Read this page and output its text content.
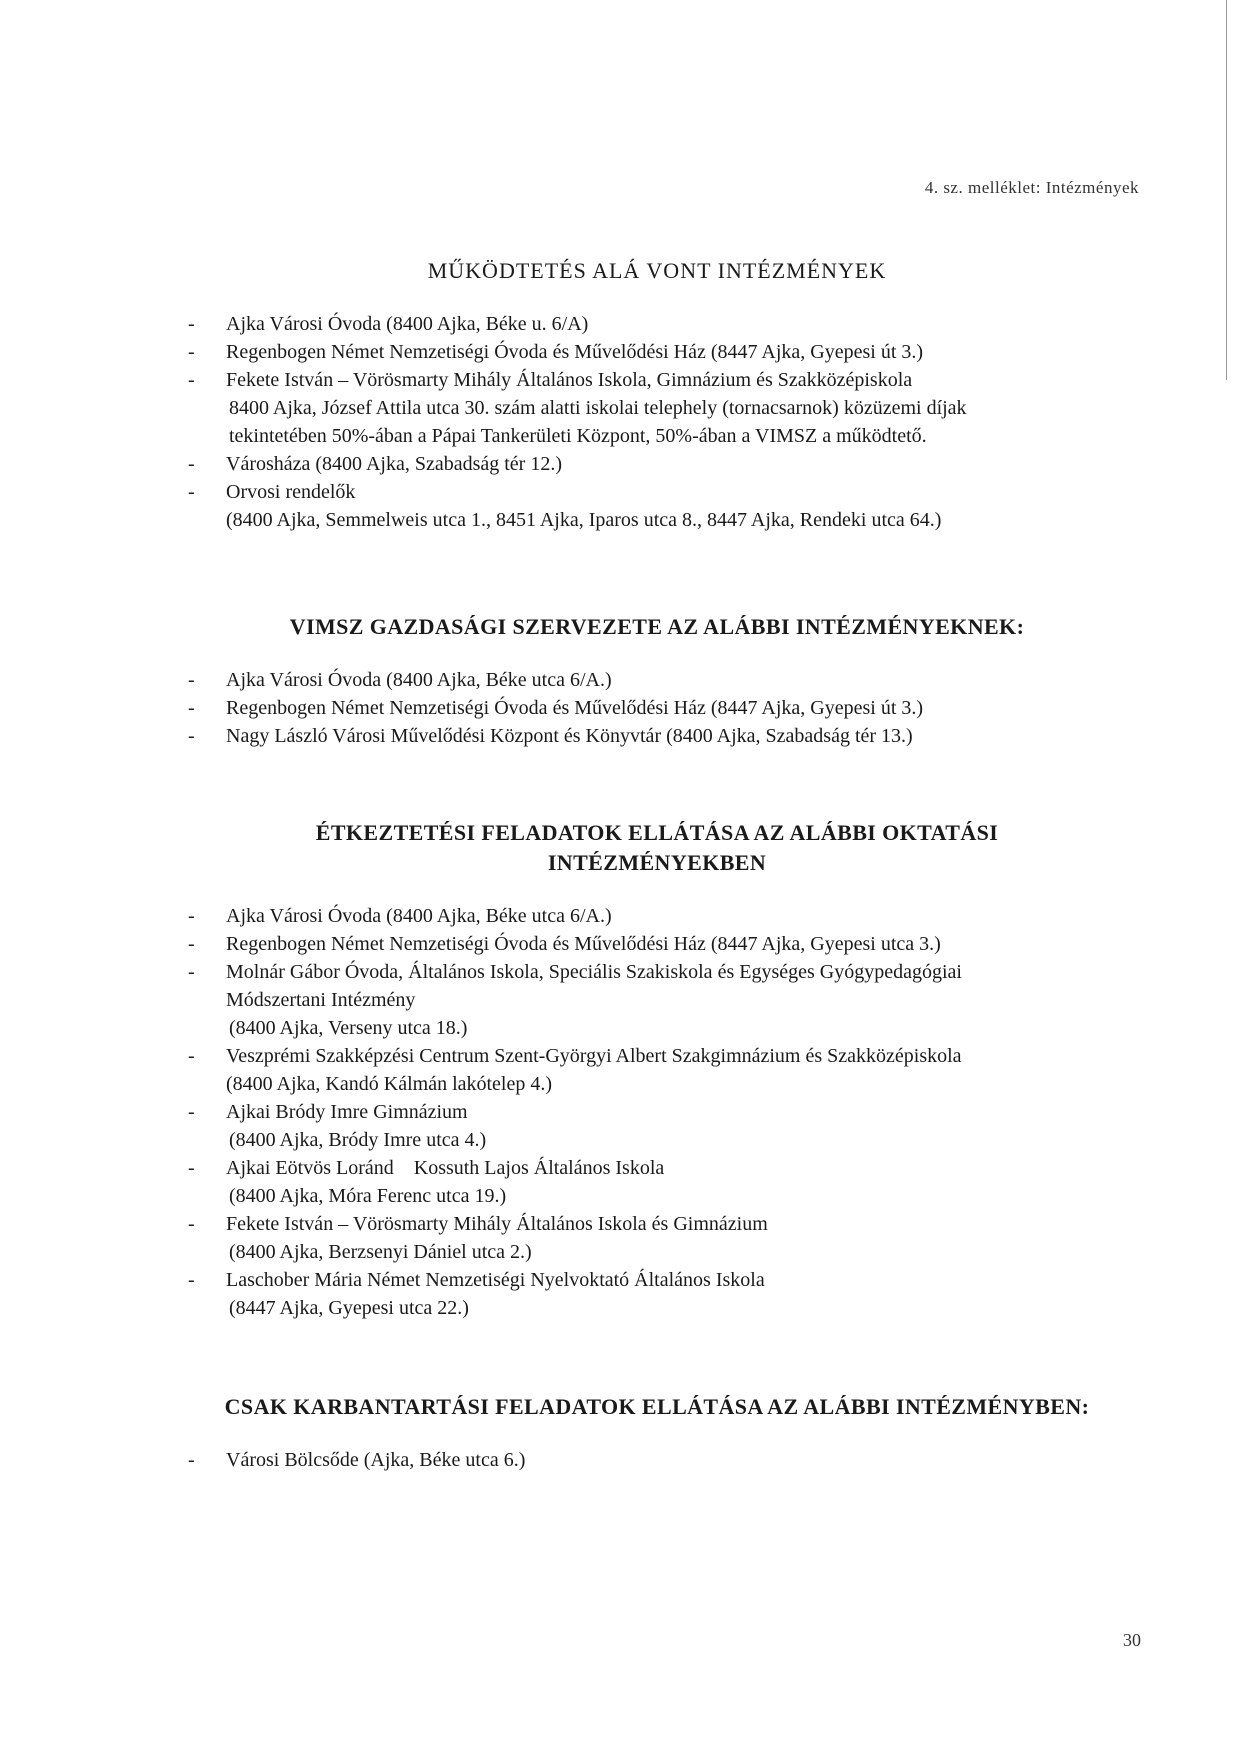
4. sz. melléklet: Intézmények
MŰKÖDTETÉS ALÁ VONT INTÉZMÉNYEK
- Ajka Városi Óvoda (8400 Ajka, Béke u. 6/A)
- Regenbogen Német Nemzetiségi Óvoda és Művelődési Ház (8447 Ajka, Gyepesi út 3.)
- Fekete István – Vörösmarty Mihály Általános Iskola, Gimnázium és Szakközépiskola
8400 Ajka, József Attila utca 30. szám alatti iskolai telephely (tornacsarnok) közüzemi díjak
tekintetében 50%-ában a Pápai Tankerületi Központ, 50%-ában a VIMSZ a működtető.
- Városháza (8400 Ajka, Szabadság tér 12.)
- Orvosi rendelők
(8400 Ajka, Semmelweis utca 1., 8451 Ajka, Iparos utca 8., 8447 Ajka, Rendeki utca 64.)
VIMSZ GAZDASÁGI SZERVEZETE AZ ALÁBBI INTÉZMÉNYEKNEK:
- Ajka Városi Óvoda (8400 Ajka, Béke utca 6/A.)
- Regenbogen Német Nemzetiségi Óvoda és Művelődési Ház (8447 Ajka, Gyepesi út 3.)
- Nagy László Városi Művelődési Központ és Könyvtár (8400 Ajka, Szabadság tér 13.)
ÉTKEZTETÉSI FELADATOK ELLÁTÁSA AZ ALÁBBI OKTATÁSI
INTÉZMÉNYEKBEN
- Ajka Városi Óvoda (8400 Ajka, Béke utca 6/A.)
- Regenbogen Német Nemzetiségi Óvoda és Művelődési Ház (8447 Ajka, Gyepesi utca 3.)
- Molnár Gábor Óvoda, Általános Iskola, Speciális Szakiskola és Egységes Gyógypedagógiai
Módszertani Intézmény
(8400 Ajka, Verseny utca 18.)
- Veszprémi Szakképzési Centrum Szent-Györgyi Albert Szakgimnázium és Szakközépiskola
(8400 Ajka, Kandó Kálmán lakótelep 4.)
- Ajkai Bródy Imre Gimnázium
(8400 Ajka, Bródy Imre utca 4.)
- Ajkai Eötvös Loránd    Kossuth Lajos Általános Iskola
(8400 Ajka, Móra Ferenc utca 19.)
- Fekete István – Vörösmarty Mihály Általános Iskola és Gimnázium
(8400 Ajka, Berzsenyi Dániel utca 2.)
- Laschober Mária Német Nemzetiségi Nyelvoktató Általános Iskola
(8447 Ajka, Gyepesi utca 22.)
CSAK KARBANTARTÁSI FELADATOK ELLÁTÁSA AZ ALÁBBI INTÉZMÉNYBEN:
- Városi Bölcsőde (Ajka, Béke utca 6.)
30
